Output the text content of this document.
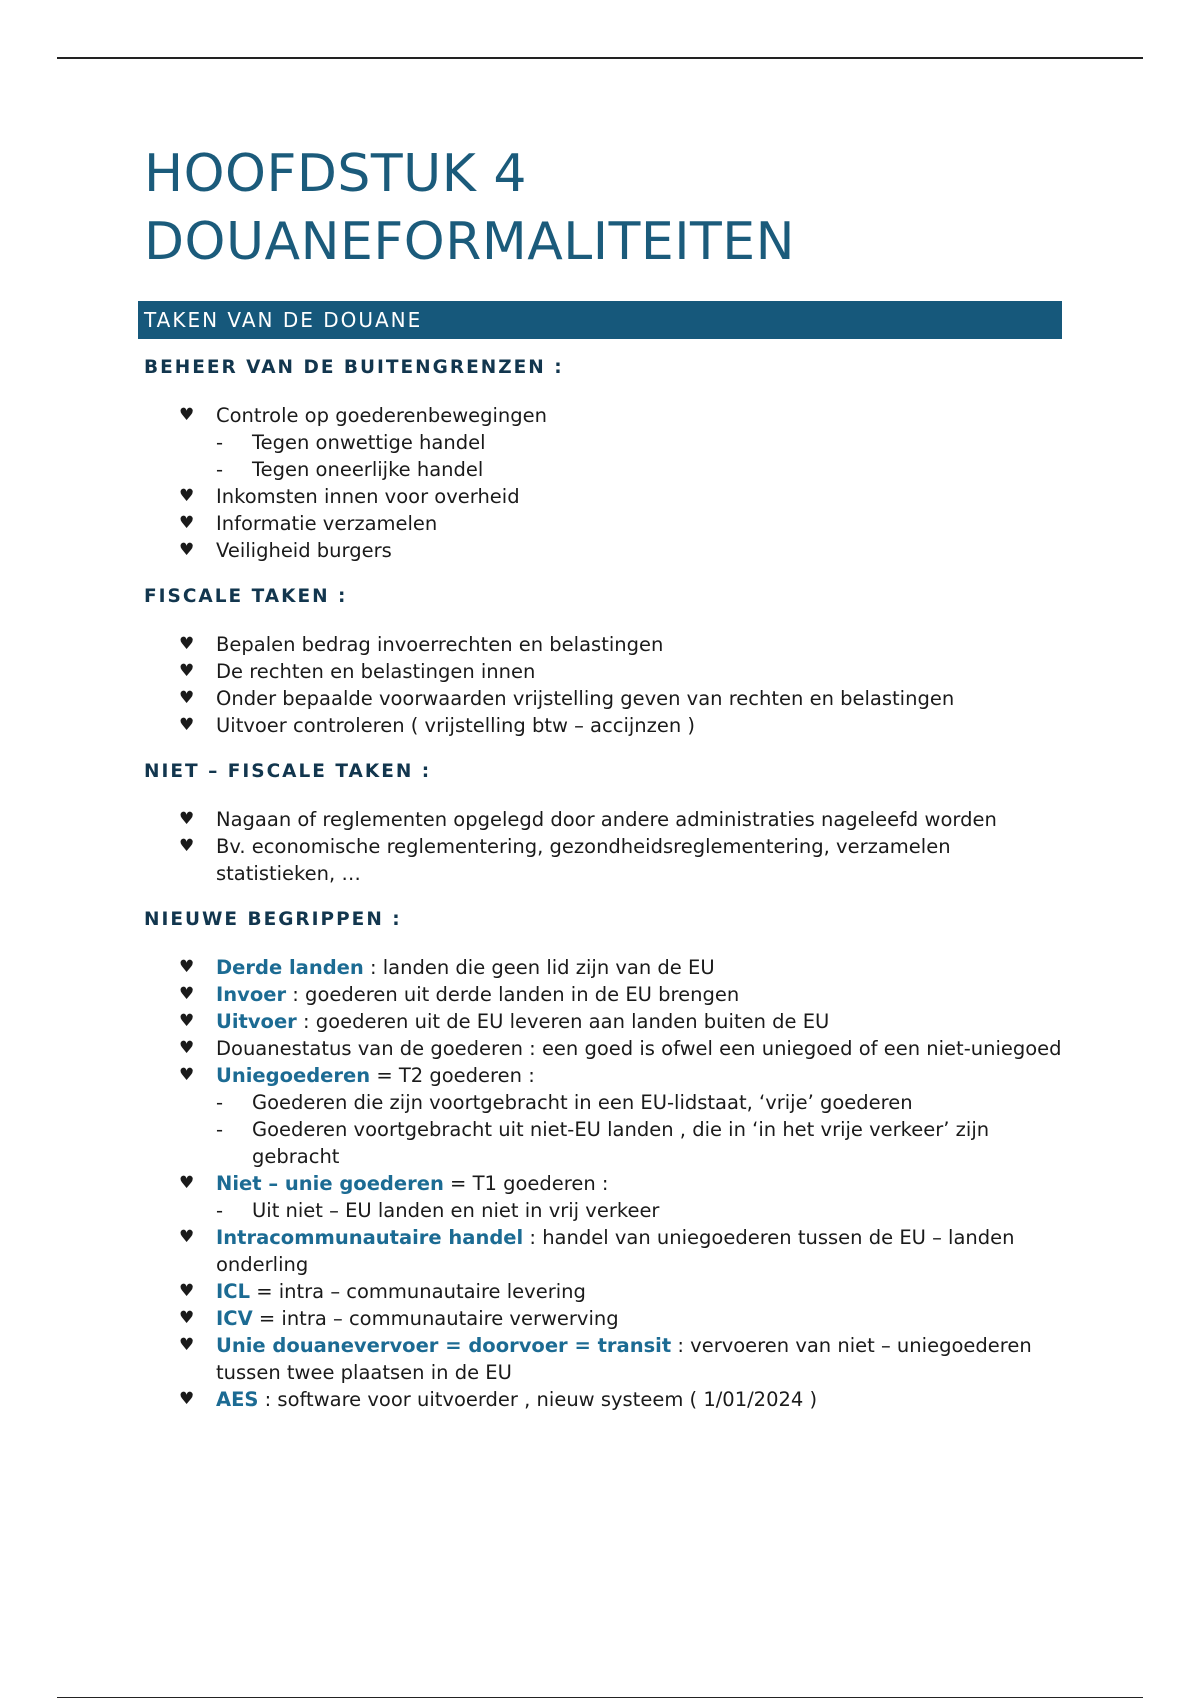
HOOFDSTUK 4
DOUANEFORMALITEITEN
TAKEN VAN DE DOUANE
BEHEER VAN DE BUITENGRENZEN :
♥ Controle op goederenbewegingen
- Tegen onwettige handel
- Tegen oneerlijke handel
♥ Inkomsten innen voor overheid
♥ Informatie verzamelen
♥ Veiligheid burgers
FISCALE TAKEN :
♥ Bepalen bedrag invoerrechten en belastingen
♥ De rechten en belastingen innen
♥ Onder bepaalde voorwaarden vrijstelling geven van rechten en belastingen
♥ Uitvoer controleren ( vrijstelling btw – accijnzen )
NIET – FISCALE TAKEN :
♥ Nagaan of reglementen opgelegd door andere administraties nageleefd worden
♥ Bv. economische reglementering, gezondheidsreglementering, verzamelen statistieken, …
NIEUWE BEGRIPPEN :
♥ Derde landen : landen die geen lid zijn van de EU
♥ Invoer : goederen uit derde landen in de EU brengen
♥ Uitvoer : goederen uit de EU leveren aan landen buiten de EU
♥ Douanestatus van de goederen : een goed is ofwel een uniegoed of een niet-uniegoed
♥ Uniegoederen = T2 goederen :
- Goederen die zijn voortgebracht in een EU-lidstaat, ‘vrije’ goederen
- Goederen voortgebracht uit niet-EU landen , die in ‘in het vrije verkeer’ zijn gebracht
♥ Niet – unie goederen = T1 goederen :
- Uit niet – EU landen en niet in vrij verkeer
♥ Intracommunautaire handel : handel van uniegoederen tussen de EU – landen onderling
♥ ICL = intra – communautaire levering
♥ ICV = intra – communautaire verwerving
♥ Unie douanevervoer = doorvoer = transit : vervoeren van niet – uniegoederen tussen twee plaatsen in de EU
♥ AES : software voor uitvoerder , nieuw systeem ( 1/01/2024 )
